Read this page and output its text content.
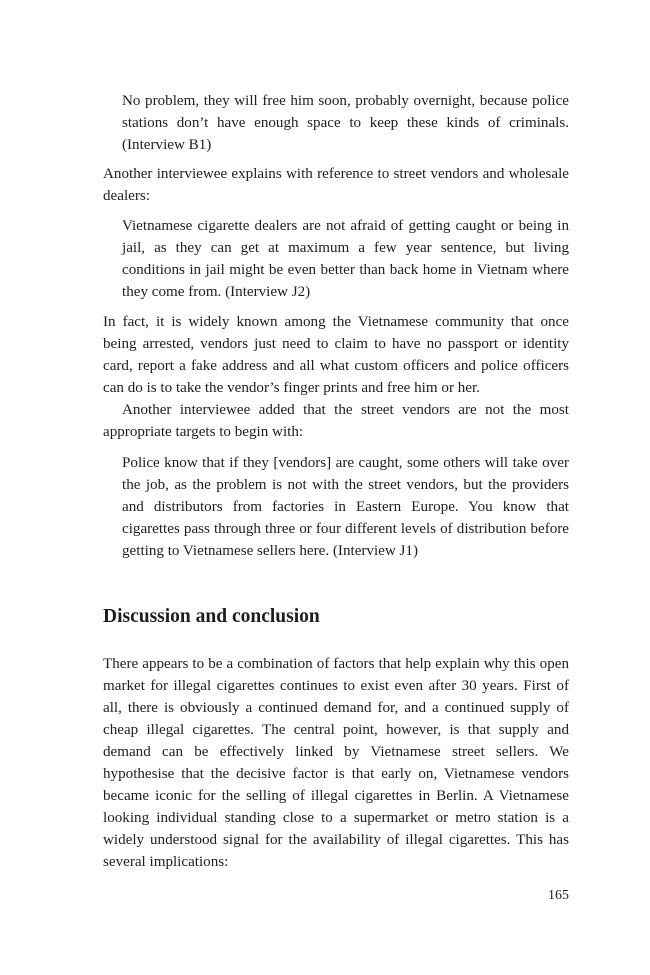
No problem, they will free him soon, probably overnight, because police stations don’t have enough space to keep these kinds of criminals. (Interview B1)

Another interviewee explains with reference to street vendors and wholesale dealers:

Vietnamese cigarette dealers are not afraid of getting caught or being in jail, as they can get at maximum a few year sentence, but living conditions in jail might be even better than back home in Vietnam where they come from. (Interview J2)

In fact, it is widely known among the Vietnamese community that once being arrested, vendors just need to claim to have no passport or identity card, report a fake address and all what custom officers and police officers can do is to take the vendor’s finger prints and free him or her.

Another interviewee added that the street vendors are not the most appropriate targets to begin with:

Police know that if they [vendors] are caught, some others will take over the job, as the problem is not with the street vendors, but the providers and distributors from factories in Eastern Europe. You know that cigarettes pass through three or four different levels of distribution before getting to Vietnamese sellers here. (Interview J1)

Discussion and conclusion

There appears to be a combination of factors that help explain why this open market for illegal cigarettes continues to exist even after 30 years. First of all, there is obviously a continued demand for, and a continued supply of cheap illegal cigarettes. The central point, however, is that supply and demand can be effectively linked by Vietnamese street sellers. We hypothesise that the decisive factor is that early on, Vietnamese vendors became iconic for the selling of illegal cigarettes in Berlin. A Vietnamese looking individual standing close to a supermarket or metro station is a widely understood signal for the availability of illegal cigarettes. This has several implications:

165
